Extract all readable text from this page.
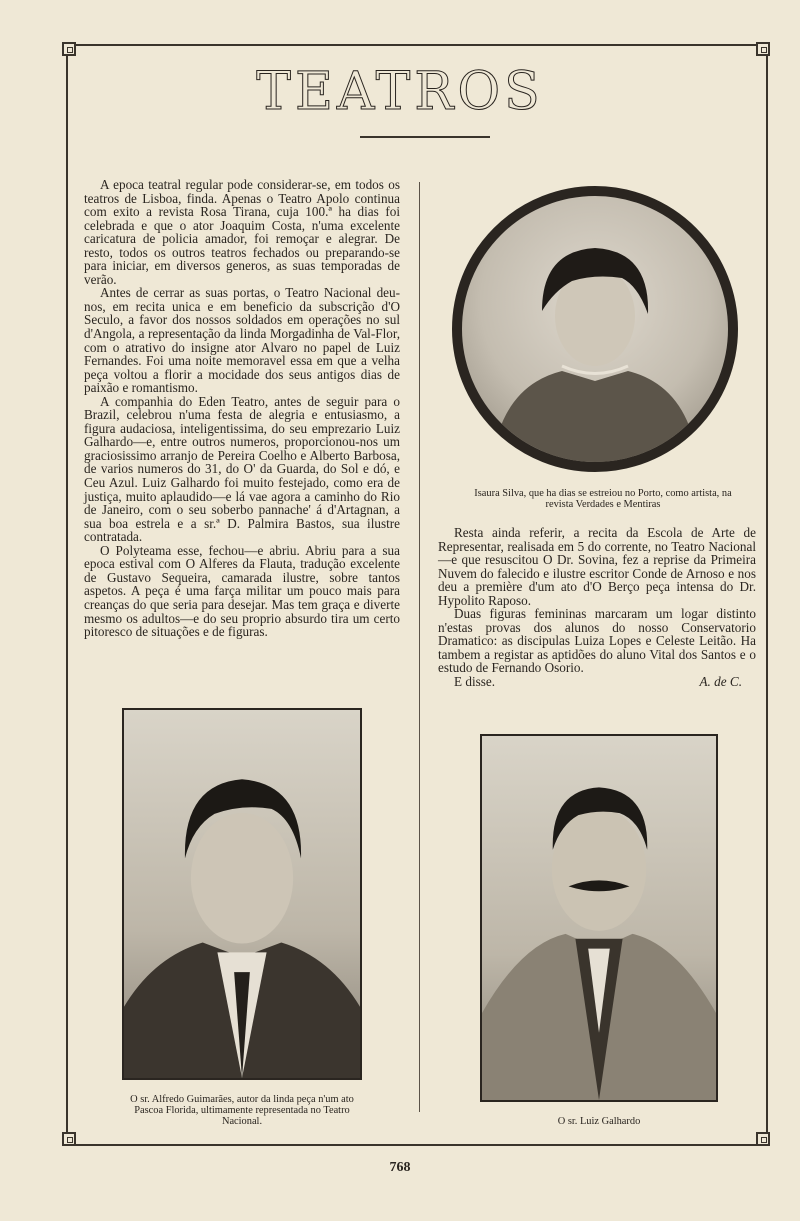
TEATROS

A epoca teatral regular pode considerar-se, em todos os teatros de Lisboa, finda. Apenas o Teatro Apolo continua com exito a revista Rosa Tirana, cuja 100.ª ha dias foi celebrada e que o ator Joaquim Costa, n'uma excelente caricatura de policia amador, foi remoçar e alegrar. De resto, todos os outros teatros fechados ou preparando-se para iniciar, em diversos generos, as suas temporadas de verão.

Antes de cerrar as suas portas, o Teatro Nacional deu-nos, em recita unica e em beneficio da subscrição d'O Seculo, a favor dos nossos soldados em operações no sul d'Angola, a representação da linda Morgadinha de Val-Flor, com o atrativo do insigne ator Alvaro no papel de Luiz Fernandes. Foi uma noite memoravel essa em que a velha peça voltou a florir a mocidade dos seus antigos dias de paixão e romantismo.

A companhia do Eden Teatro, antes de seguir para o Brazil, celebrou n'uma festa de alegria e entusiasmo, a figura audaciosa, inteligentissima, do seu emprezario Luiz Galhardo—e, entre outros numeros, proporcionou-nos um graciosissimo arranjo de Pereira Coelho e Alberto Barbosa, de varios numeros do 31, do O' da Guarda, do Sol e dó, e Ceu Azul. Luiz Galhardo foi muito festejado, como era de justiça, muito aplaudido—e lá vae agora a caminho do Rio de Janeiro, com o seu soberbo pannache' á d'Artagnan, a sua boa estrela e a sr.ª D. Palmira Bastos, sua ilustre contratada.

O Polyteama esse, fechou—e abriu. Abriu para a sua epoca estival com O Alferes da Flauta, tradução excelente de Gustavo Sequeira, camarada ilustre, sobre tantos aspetos. A peça é uma farça militar um pouco mais para creanças do que seria para desejar. Mas tem graça e diverte mesmo os adultos—e do seu proprio absurdo tira um certo pitoresco de situações e de figuras.

Isaura Silva, que ha dias se estreiou no Porto, como artista, na revista Verdades e Mentiras

Resta ainda referir, a recita da Escola de Arte de Representar, realisada em 5 do corrente, no Teatro Nacional—e que resuscitou O Dr. Sovina, fez a reprise da Primeira Nuvem do falecido e ilustre escritor Conde de Arnoso e nos deu a première d'um ato d'O Berço peça intensa do Dr. Hypolito Raposo.

Duas figuras femininas marcaram um logar distinto n'estas provas dos alunos do nosso Conservatorio Dramatico: as discipulas Luiza Lopes e Celeste Leitão. Ha tambem a registar as aptidões do aluno Vital dos Santos e o estudo de Fernando Osorio.

E disse.	A. de C.

O sr. Alfredo Guimarães, autor da linda peça n'um ato Pascoa Florida, ultimamente representada no Teatro Nacional.	O sr. Luiz Galhardo
768
